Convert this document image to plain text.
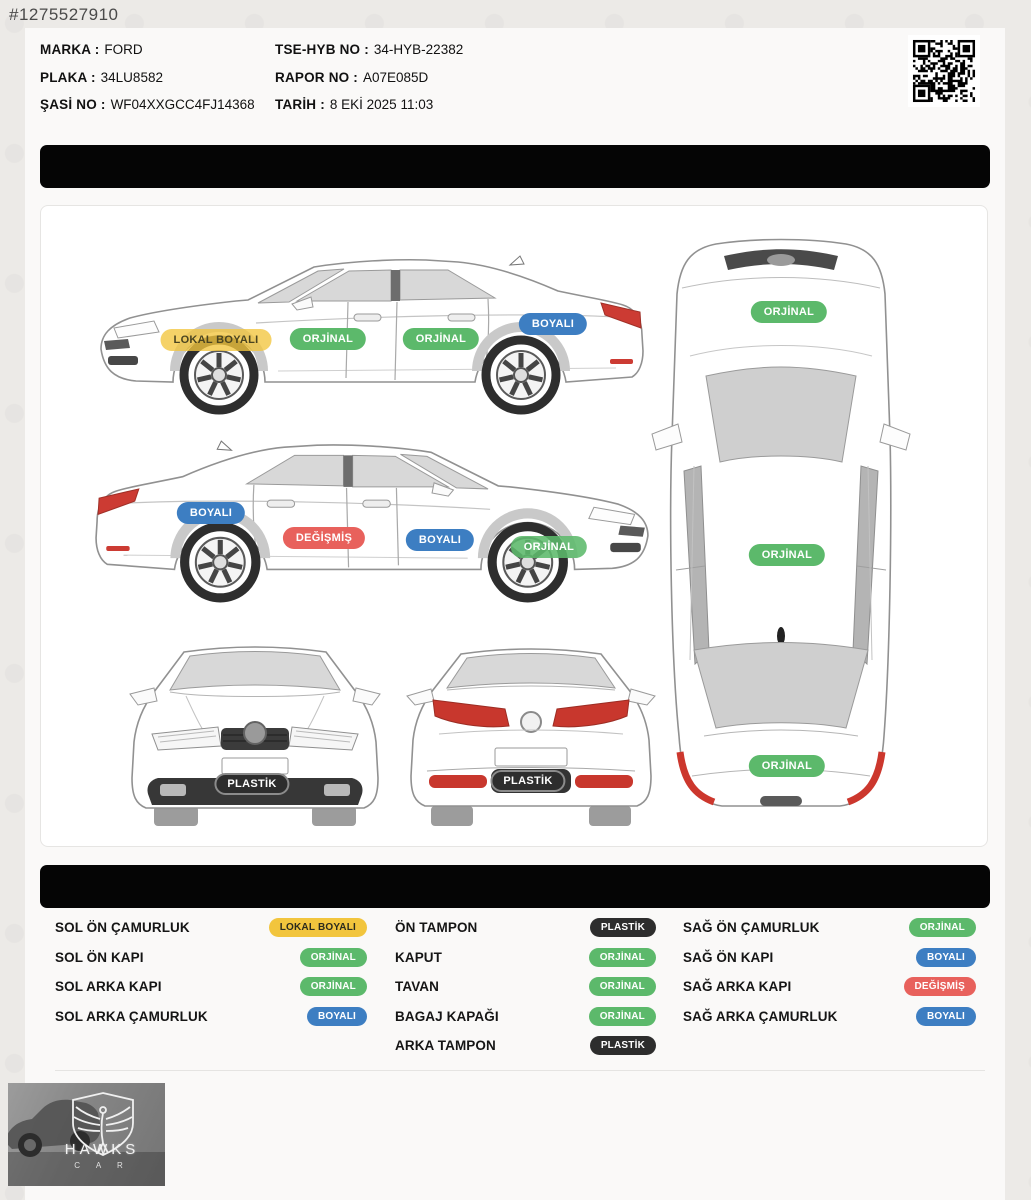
#1275527910
MARKA : FORD
PLAKA : 34LU8582
ŞASİ NO : WF04XXGCC4FJ14368
TSE-HYB NO : 34-HYB-22382
RAPOR NO : A07E085D
TARİH : 8 EKİ 2025 11:03
LOKAL BOYALI	ORJİNAL	ORJİNAL
BOYALI
BOYALI
DEĞİŞMİŞ	BOYALI
ORJİNAL
PLASTİK	PLASTİK
ORJİNAL
ORJİNAL
ORJİNAL
SOL ÖN ÇAMURLUK	LOKAL BOYALI
SOL ÖN KAPI	ORJİNAL
SOL ARKA KAPI	ORJİNAL
SOL ARKA ÇAMURLUK	BOYALI
ÖN TAMPON	PLASTİK
KAPUT	ORJİNAL
TAVAN	ORJİNAL
BAGAJ KAPAĞI	ORJİNAL
ARKA TAMPON	PLASTİK
SAĞ ÖN ÇAMURLUK	ORJİNAL
SAĞ ÖN KAPI	BOYALI
SAĞ ARKA KAPI	DEĞİŞMİŞ
SAĞ ARKA ÇAMURLUK	BOYALI
HAWKS
C A R
